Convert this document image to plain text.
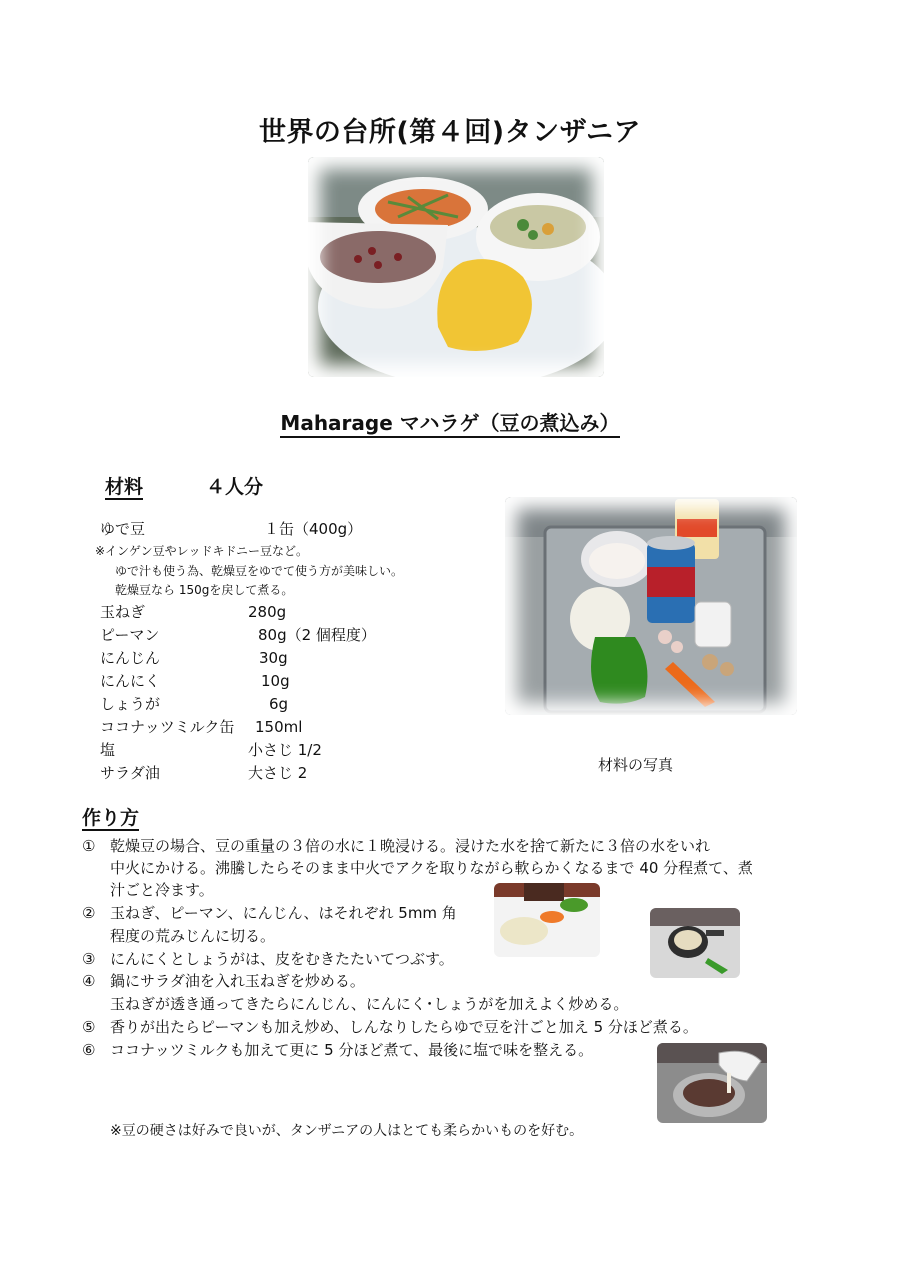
世界の台所(第４回)タンザニア
Maharage マハラゲ（豆の煮込み）
材料	４人分
ゆで豆	１缶（400g）
※インゲン豆やレッドキドニー豆など。
ゆで汁も使う為、乾燥豆をゆでて使う方が美味しい。
乾燥豆なら 150gを戻して煮る。
玉ねぎ	280g
ピーマン	80g（2 個程度）
にんじん	30g
にんにく	10g
しょうが	6g
ココナッツミルク缶 150ml
塩	小さじ 1/2
サラダ油	大さじ 2	材料の写真
作り方
① 乾燥豆の場合、豆の重量の３倍の水に１晩浸ける。浸けた水を捨て新たに３倍の水をいれ
中火にかける。沸騰したらそのまま中火でアクを取りながら軟らかくなるまで 40 分程煮て、煮
汁ごと冷ます。
② 玉ねぎ、ピーマン、にんじん、はそれぞれ 5mm 角
程度の荒みじんに切る。
③ にんにくとしょうがは、皮をむきたたいてつぶす。
④ 鍋にサラダ油を入れ玉ねぎを炒める。
玉ねぎが透き通ってきたらにんじん、にんにく･しょうがを加えよく炒める。
⑤ 香りが出たらピーマンも加え炒め、しんなりしたらゆで豆を汁ごと加え 5 分ほど煮る。
⑥ ココナッツミルクも加えて更に 5 分ほど煮て、最後に塩で味を整える。
※豆の硬さは好みで良いが、タンザニアの人はとても柔らかいものを好む。
